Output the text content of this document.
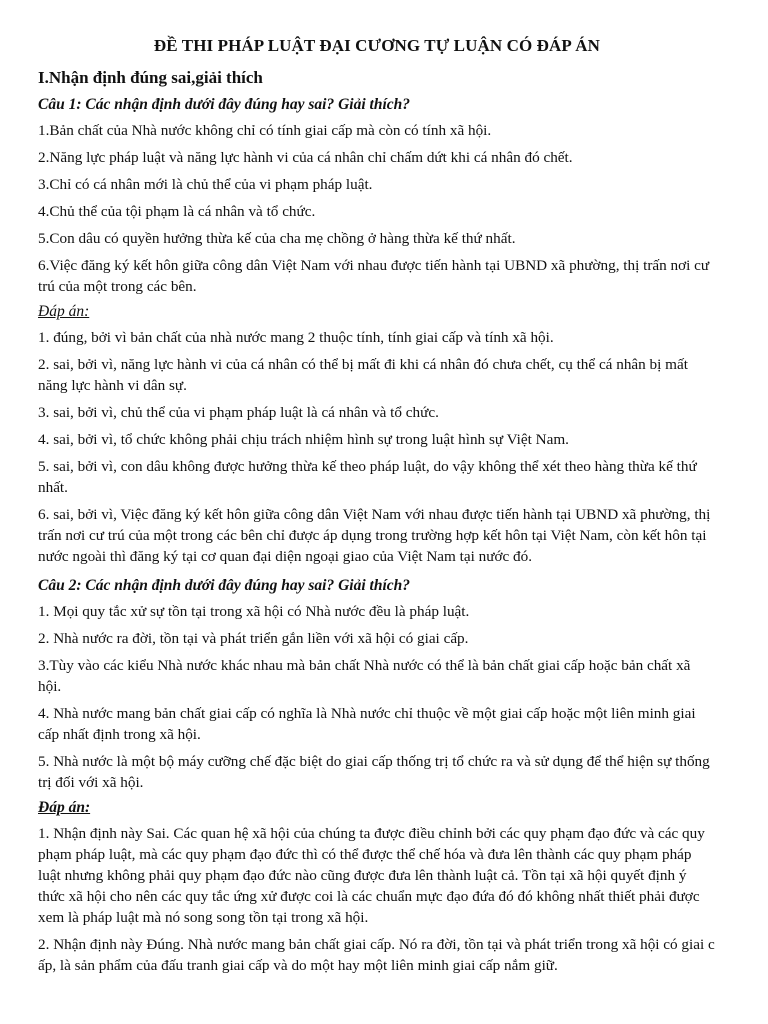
ĐỀ THI PHÁP LUẬT ĐẠI CƯƠNG TỰ LUẬN CÓ ĐÁP ÁN
I.Nhận định đúng sai,giải thích
Câu 1: Các nhận định dưới đây đúng hay sai? Giải thích?

1.Bản chất của Nhà nước không chỉ có tính giai cấp mà còn có tính xã hội.

2.Năng lực pháp luật và năng lực hành vi của cá nhân chỉ chấm dứt khi cá nhân đó chết.

3.Chỉ có cá nhân mới là chủ thể của vi phạm pháp luật.

4.Chủ thể của tội phạm là cá nhân và tổ chức.

5.Con dâu có quyền hưởng thừa kế của cha mẹ chồng ở hàng thừa kế thứ nhất.

6.Việc đăng ký kết hôn giữa công dân Việt Nam với nhau được tiến hành tại UBND xã phường, thị trấn nơi cư trú của một trong các bên.

Đáp án:

1. đúng, bởi vì bản chất của nhà nước mang 2 thuộc tính, tính giai cấp và tính xã hội.

2. sai, bởi vì, năng lực hành vi của cá nhân có thể bị mất đi khi cá nhân đó chưa chết, cụ thể cá nhân bị mất năng lực hành vi dân sự.

3. sai, bởi vì, chủ thể của vi phạm pháp luật là cá nhân và tổ chức.

4. sai, bởi vì, tổ chức không phải chịu trách nhiệm hình sự trong luật hình sự Việt Nam.

5. sai, bởi vì, con dâu không được hưởng thừa kế theo pháp luật, do vậy không thể xét theo hàng thừa kế thứ nhất.

6. sai, bởi vì, Việc đăng ký kết hôn giữa công dân Việt Nam với nhau được tiến hành tại UBND xã phường, thị trấn nơi cư trú của một trong các bên chỉ được áp dụng trong trường hợp kết hôn tại Việt Nam, còn kết hôn tại nước ngoài thì đăng ký tại cơ quan đại diện ngoại giao của Việt Nam tại nước đó.

Câu 2: Các nhận định dưới đây đúng hay sai? Giải thích?

1. Mọi quy tắc xử sự tồn tại trong xã hội có Nhà nước đều là pháp luật.

2. Nhà nước ra đời, tồn tại và phát triển gắn liền với xã hội có giai cấp.

3.Tùy vào các kiểu Nhà nước khác nhau mà bản chất Nhà nước có thể là bản chất giai cấp hoặc bản chất xã hội.

4. Nhà nước mang bản chất giai cấp có nghĩa là Nhà nước chỉ thuộc về một giai cấp hoặc một liên minh giai cấp nhất định trong xã hội.

5. Nhà nước là một bộ máy cưỡng chế đặc biệt do giai cấp thống trị tổ chức ra và sử dụng để thể hiện sự thống trị đối với xã hội.

Đáp án:

1. Nhận định này Sai. Các quan hệ xã hội của chúng ta được điều chỉnh bởi các quy phạm đạo đức và các quy phạm pháp luật, mà các quy phạm đạo đức thì có thể được thể chế hóa và đưa lên thành các quy phạm pháp luật nhưng không phải quy phạm đạo đức nào cũng được đưa lên thành luật cả. Tồn tại xã hội quyết định ý thức xã hội cho nên các quy tắc ứng xử được coi là các chuẩn mực đạo đứa đó đó không nhất thiết phải được xem là pháp luật mà nó song song tồn tại trong xã hội.

2. Nhận định này Đúng. Nhà nước mang bản chất giai cấp. Nó ra đời, tồn tại và phát triển trong xã hội có giai c ấp, là sản phẩm của đấu tranh giai cấp và do một hay một liên minh giai cấp nắm giữ.
